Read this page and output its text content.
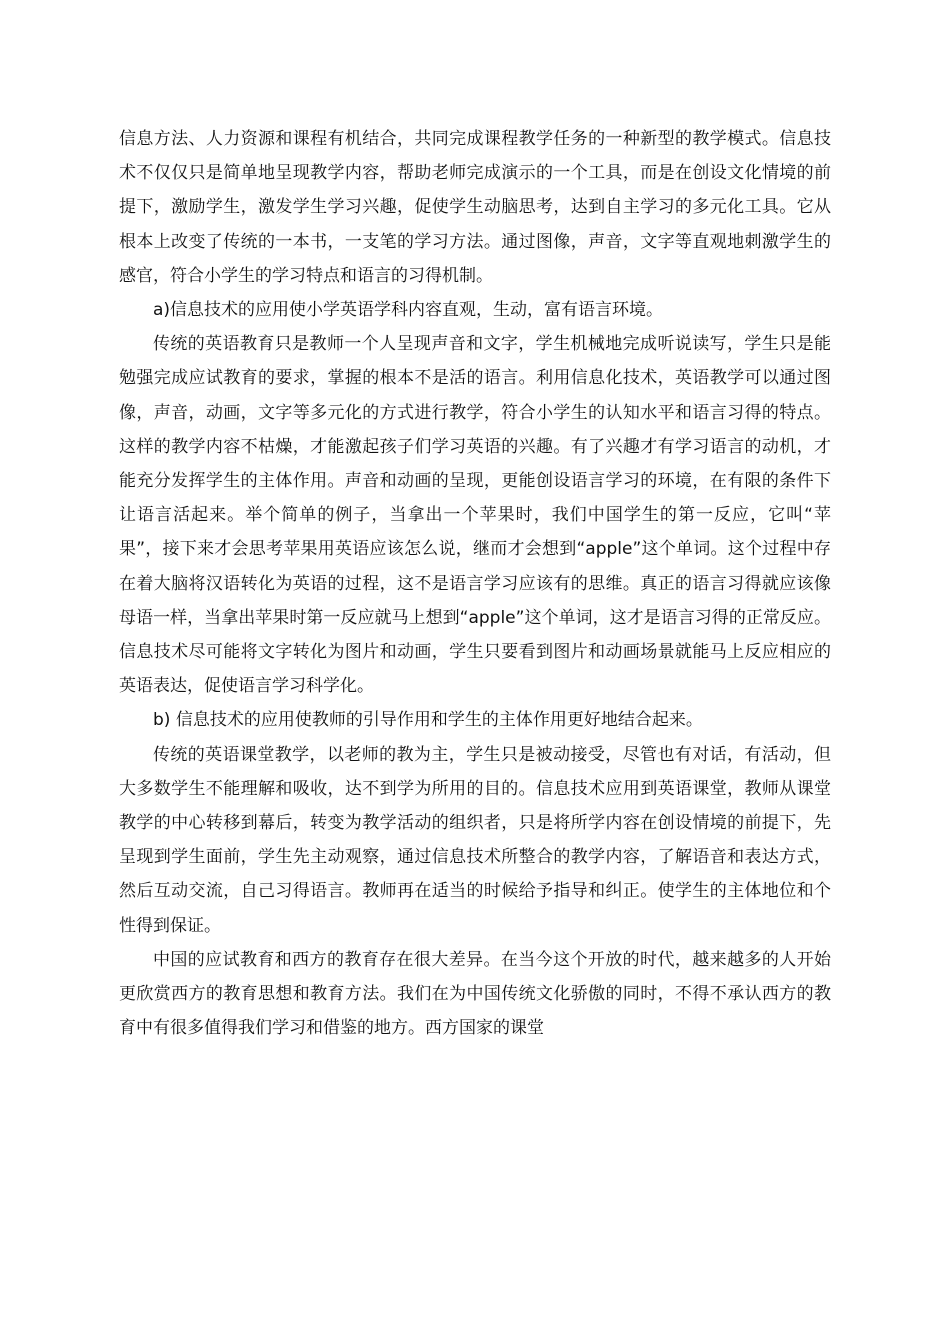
信息方法、人力资源和课程有机结合，共同完成课程教学任务的一种新型的教学模式。信息技术不仅仅只是简单地呈现教学内容，帮助老师完成演示的一个工具，而是在创设文化情境的前提下，激励学生，激发学生学习兴趣，促使学生动脑思考，达到自主学习的多元化工具。它从根本上改变了传统的一本书，一支笔的学习方法。通过图像，声音，文字等直观地刺激学生的感官，符合小学生的学习特点和语言的习得机制。

a)信息技术的应用使小学英语学科内容直观，生动，富有语言环境。

传统的英语教育只是教师一个人呈现声音和文字，学生机械地完成听说读写，学生只是能勉强完成应试教育的要求，掌握的根本不是活的语言。利用信息化技术，英语教学可以通过图像，声音，动画，文字等多元化的方式进行教学，符合小学生的认知水平和语言习得的特点。这样的教学内容不枯燥，才能激起孩子们学习英语的兴趣。有了兴趣才有学习语言的动机，才能充分发挥学生的主体作用。声音和动画的呈现，更能创设语言学习的环境，在有限的条件下让语言活起来。举个简单的例子，当拿出一个苹果时，我们中国学生的第一反应，它叫“苹果”，接下来才会思考苹果用英语应该怎么说，继而才会想到“apple”这个单词。这个过程中存在着大脑将汉语转化为英语的过程，这不是语言学习应该有的思维。真正的语言习得就应该像母语一样，当拿出苹果时第一反应就马上想到“apple”这个单词，这才是语言习得的正常反应。信息技术尽可能将文字转化为图片和动画，学生只要看到图片和动画场景就能马上反应相应的英语表达，促使语言学习科学化。

b) 信息技术的应用使教师的引导作用和学生的主体作用更好地结合起来。

传统的英语课堂教学，以老师的教为主，学生只是被动接受，尽管也有对话，有活动，但大多数学生不能理解和吸收，达不到学为所用的目的。信息技术应用到英语课堂，教师从课堂教学的中心转移到幕后，转变为教学活动的组织者，只是将所学内容在创设情境的前提下，先呈现到学生面前，学生先主动观察，通过信息技术所整合的教学内容，了解语音和表达方式，然后互动交流，自己习得语言。教师再在适当的时候给予指导和纠正。使学生的主体地位和个性得到保证。

中国的应试教育和西方的教育存在很大差异。在当今这个开放的时代，越来越多的人开始更欣赏西方的教育思想和教育方法。我们在为中国传统文化骄傲的同时，不得不承认西方的教育中有很多值得我们学习和借鉴的地方。西方国家的课堂
